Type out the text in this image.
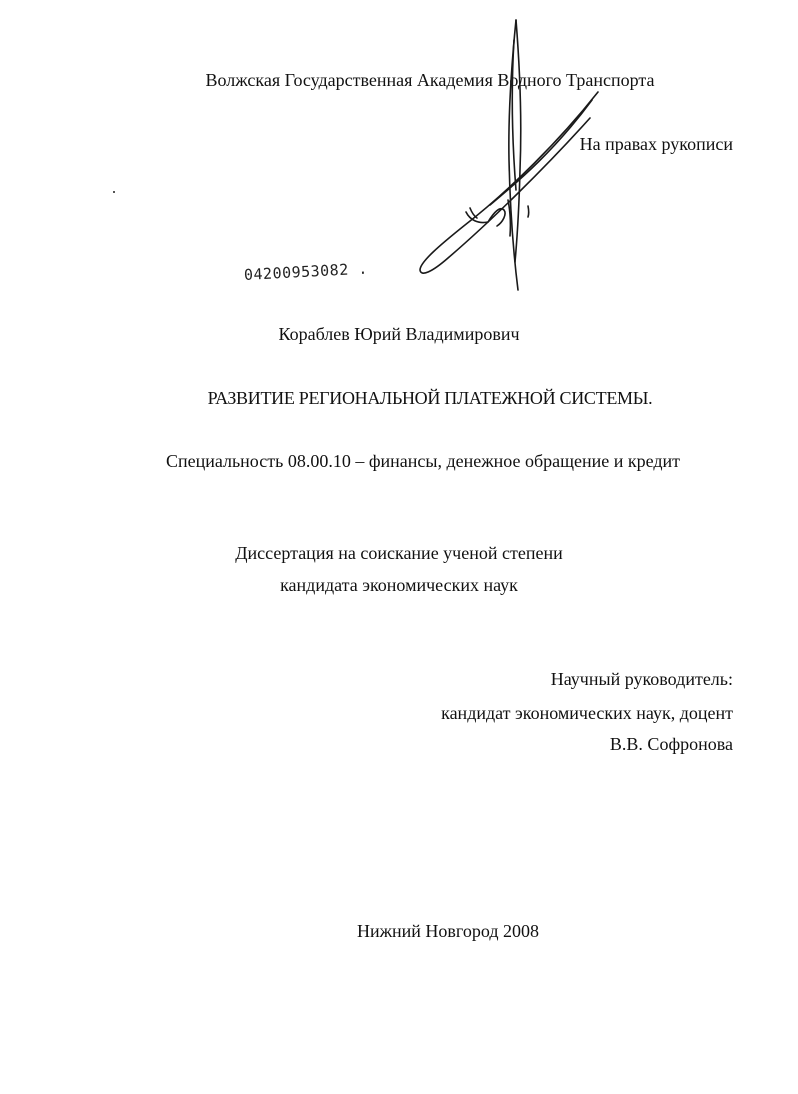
Волжская Государственная Академия Водного Транспорта
На правах рукописи
04200953082 .
Кораблев Юрий Владимирович
РАЗВИТИЕ РЕГИОНАЛЬНОЙ ПЛАТЕЖНОЙ СИСТЕМЫ.
Специальность 08.00.10 – финансы, денежное обращение и кредит
Диссертация на соискание ученой степени
кандидата экономических наук
Научный руководитель:
кандидат экономических наук, доцент
В.В. Софронова
Нижний Новгород 2008
